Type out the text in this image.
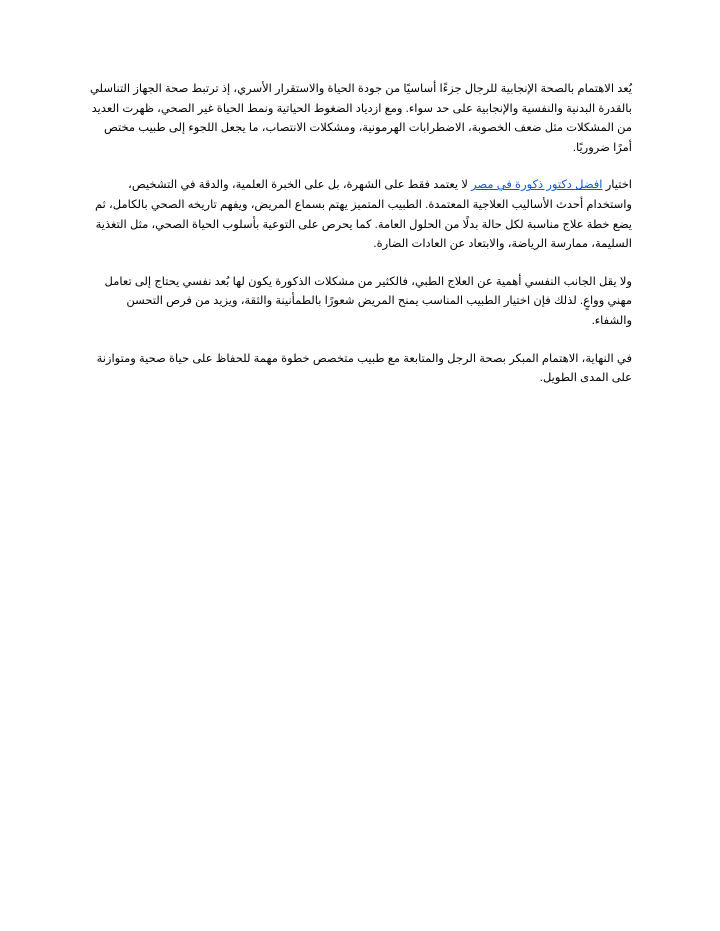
يُعد الاهتمام بالصحة الإنجابية للرجال جزءًا أساسيًا من جودة الحياة والاستقرار الأسري، إذ ترتبط صحة الجهاز التناسلي بالقدرة البدنية والنفسية والإنجابية على حد سواء. ومع ازدياد الضغوط الحياتية ونمط الحياة غير الصحي، ظهرت العديد من المشكلات مثل ضعف الخصوبة، الاضطرابات الهرمونية، ومشكلات الانتصاب، ما يجعل اللجوء إلى طبيب مختص أمرًا ضروريًا.

اختيار افضل دكتور ذكورة في مصر لا يعتمد فقط على الشهرة، بل على الخبرة العلمية، والدقة في التشخيص، واستخدام أحدث الأساليب العلاجية المعتمدة. الطبيب المتميز يهتم بسماع المريض، ويفهم تاريخه الصحي بالكامل، ثم يضع خطة علاج مناسبة لكل حالة بدلًا من الحلول العامة. كما يحرص على التوعية بأسلوب الحياة الصحي، مثل التغذية السليمة، ممارسة الرياضة، والابتعاد عن العادات الضارة.

ولا يقل الجانب النفسي أهمية عن العلاج الطبي، فالكثير من مشكلات الذكورة يكون لها بُعد نفسي يحتاج إلى تعامل مهني وواعٍ. لذلك فإن اختيار الطبيب المناسب يمنح المريض شعورًا بالطمأنينة والثقة، ويزيد من فرص التحسن والشفاء.

في النهاية، الاهتمام المبكر بصحة الرجل والمتابعة مع طبيب متخصص خطوة مهمة للحفاظ على حياة صحية ومتوازنة على المدى الطويل.
